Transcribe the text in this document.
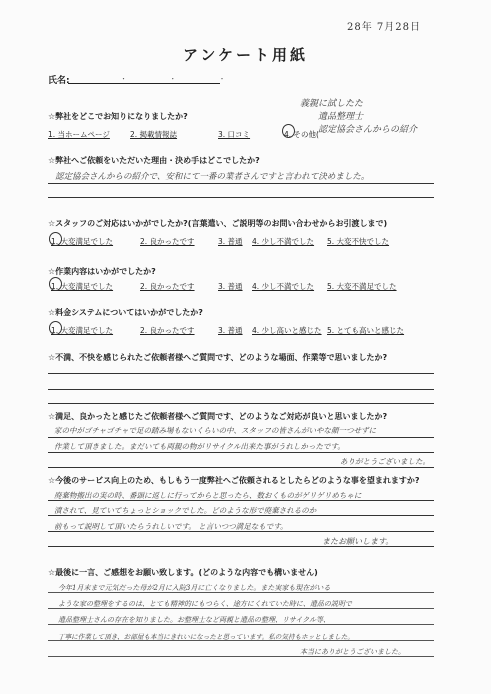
28年 7月28日
アンケート用紙
氏名:	・ ・ ・
☆弊社をどこでお知りになりましたか?
1. 当ホームページ	2. 掲載情報誌	3. 口コミ	4. その他(
義親に試したた
遺品整理士
認定協会さんからの紹介
☆弊社へご依頼をいただいた理由・決め手はどこでしたか?
認定協会さんからの紹介で、安和にて一番の業者さんですと言われて決めました。
☆スタッフのご対応はいかがでしたか?(言葉遣い、ご説明等のお問い合わせからお引渡しまで)
1. 大変満足でした	2. 良かったです	3. 普通 4. 少し不満でした 5. 大変不快でした
☆作業内容はいかがでしたか?
1. 大変満足でした	2. 良かったです	3. 普通 4. 少し不満でした 5. 大変不満足でした
☆料金システムについてはいかがでしたか?
1. 大変満足でした	2. 良かったです	3. 普通 4. 少し高いと感じた 5. とても高いと感じた
☆不満、不快を感じられたご依頼者様へご質問です、どのような場面、作業等で思いましたか?
☆満足、良かったと感じたご依頼者様へご質問です、どのようなご対応が良いと思いましたか?
家の中がゴチャゴチャで足の踏み場もないくらいの中、スタッフの皆さんがいやな顔一つせずに
作業して頂きました。まだいても両親の物がリサイクル出来た事がうれしかったです。
ありがとうございました。
☆今後のサービス向上のため、もしもう一度弊社へご依頼されるとしたらどのような事を望まれますか?
廃棄物搬出の実の時、番頭に返しに行ってからと思ったら、数おくものがゲリゲリめちゃに
漬されて、見ていてちょっとショックでした。どのような形で廃棄されるのか
前もって説明して頂いたらうれしいです。 と言いつつ満足なもです。
またお願いします。
☆最後に一言、ご感想をお願い致します。(どのような内容でも構いません)
今年1月末まで元気だった母が2月に入院3月に亡くなりました。また実家も現在がいる
ような家の整理をするのは、とても精神的にもつらく、途方にくれていた時に、遺品の説明で
遺品整理士さんの存在を知りました。お整理士など両親と遺品の整理、リサイクル等、
丁寧に作業して頂き、お部屋も本当にきれいになったと思っています。私の気持もホッとしました。
本当にありがとうございました。
